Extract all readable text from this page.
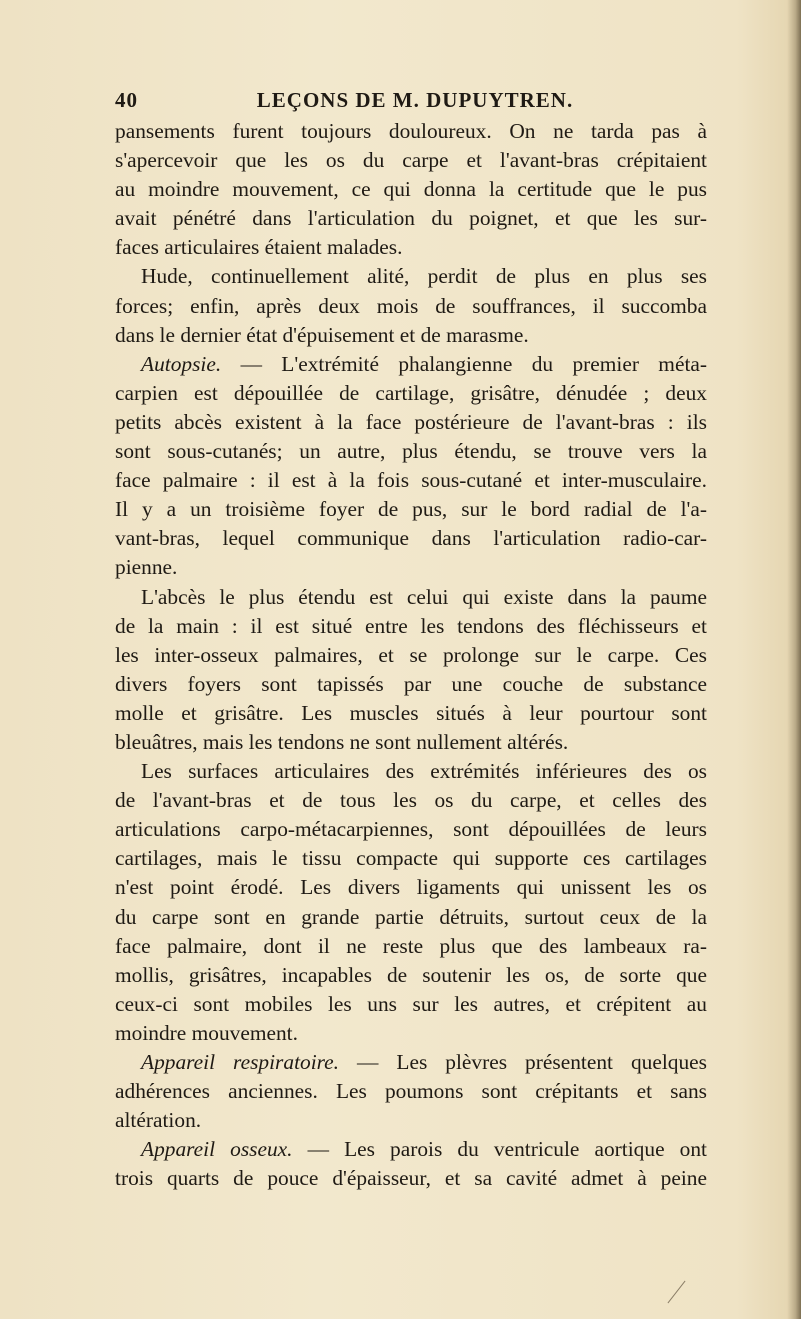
40	LEÇONS DE M. DUPUYTREN.
pansements furent toujours douloureux. On ne tarda pas à
s'apercevoir que les os du carpe et l'avant-bras crépitaient
au moindre mouvement, ce qui donna la certitude que le pus
avait pénétré dans l'articulation du poignet, et que les sur-
faces articulaires étaient malades.
Hude, continuellement alité, perdit de plus en plus ses
forces; enfin, après deux mois de souffrances, il succomba
dans le dernier état d'épuisement et de marasme.
Autopsie. — L'extrémité phalangienne du premier méta-
carpien est dépouillée de cartilage, grisâtre, dénudée ; deux
petits abcès existent à la face postérieure de l'avant-bras : ils
sont sous-cutanés; un autre, plus étendu, se trouve vers la
face palmaire : il est à la fois sous-cutané et inter-musculaire.
Il y a un troisième foyer de pus, sur le bord radial de l'a-
vant-bras, lequel communique dans l'articulation radio-car-
pienne.
L'abcès le plus étendu est celui qui existe dans la paume
de la main : il est situé entre les tendons des fléchisseurs et
les inter-osseux palmaires, et se prolonge sur le carpe. Ces
divers foyers sont tapissés par une couche de substance
molle et grisâtre. Les muscles situés à leur pourtour sont
bleuâtres, mais les tendons ne sont nullement altérés.
Les surfaces articulaires des extrémités inférieures des os
de l'avant-bras et de tous les os du carpe, et celles des
articulations carpo-métacarpiennes, sont dépouillées de leurs
cartilages, mais le tissu compacte qui supporte ces cartilages
n'est point érodé. Les divers ligaments qui unissent les os
du carpe sont en grande partie détruits, surtout ceux de la
face palmaire, dont il ne reste plus que des lambeaux ra-
mollis, grisâtres, incapables de soutenir les os, de sorte que
ceux-ci sont mobiles les uns sur les autres, et crépitent au
moindre mouvement.
Appareil respiratoire. — Les plèvres présentent quelques
adhérences anciennes. Les poumons sont crépitants et sans
altération.
Appareil osseux. — Les parois du ventricule aortique ont
trois quarts de pouce d'épaisseur, et sa cavité admet à peine
